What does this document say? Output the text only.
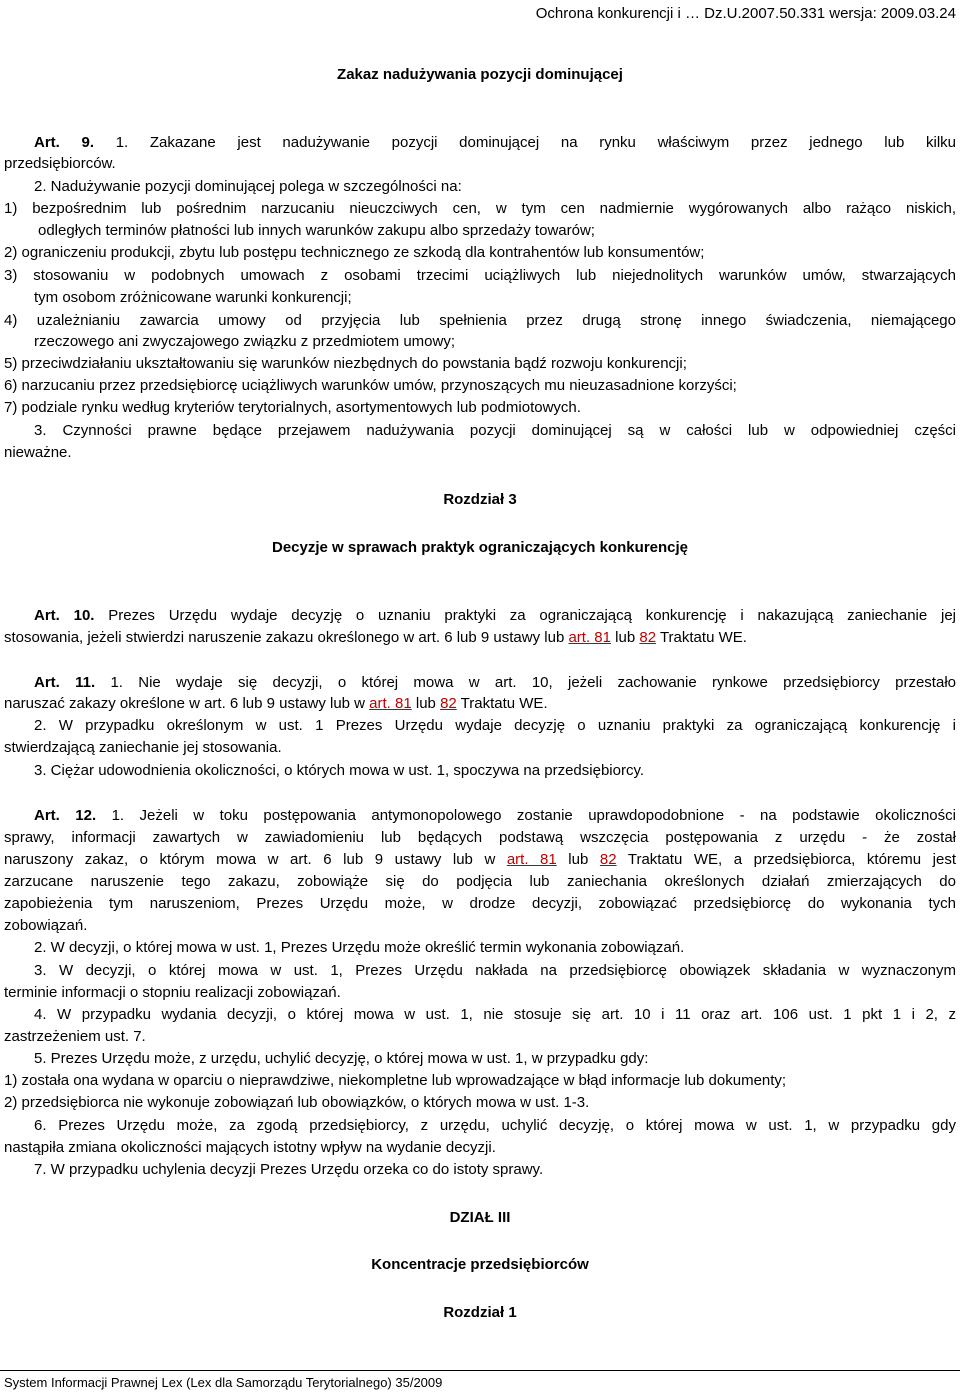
Ochrona konkurencji i … Dz.U.2007.50.331 wersja: 2009.03.24
Zakaz nadużywania pozycji dominującej
Art. 9. 1. Zakazane jest nadużywanie pozycji dominującej na rynku właściwym przez jednego lub kilku
przedsiębiorców.
2. Nadużywanie pozycji dominującej polega w szczególności na:
1) bezpośrednim lub pośrednim narzucaniu nieuczciwych cen, w tym cen nadmiernie wygórowanych albo rażąco niskich,
odległych terminów płatności lub innych warunków zakupu albo sprzedaży towarów;
2) ograniczeniu produkcji, zbytu lub postępu technicznego ze szkodą dla kontrahentów lub konsumentów;
3) stosowaniu w podobnych umowach z osobami trzecimi uciążliwych lub niejednolitych warunków umów, stwarzających
tym osobom zróżnicowane warunki konkurencji;
4) uzależnianiu zawarcia umowy od przyjęcia lub spełnienia przez drugą stronę innego świadczenia, niemającego
rzeczowego ani zwyczajowego związku z przedmiotem umowy;
5) przeciwdziałaniu ukształtowaniu się warunków niezbędnych do powstania bądź rozwoju konkurencji;
6) narzucaniu przez przedsiębiorcę uciążliwych warunków umów, przynoszących mu nieuzasadnione korzyści;
7) podziale rynku według kryteriów terytorialnych, asortymentowych lub podmiotowych.
3. Czynności prawne będące przejawem nadużywania pozycji dominującej są w całości lub w odpowiedniej części
nieważne.
Rozdział 3
Decyzje w sprawach praktyk ograniczających konkurencję
Art. 10. Prezes Urzędu wydaje decyzję o uznaniu praktyki za ograniczającą konkurencję i nakazującą zaniechanie jej
stosowania, jeżeli stwierdzi naruszenie zakazu określonego w art. 6 lub 9 ustawy lub art. 81 lub 82 Traktatu WE.
Art. 11. 1. Nie wydaje się decyzji, o której mowa w art. 10, jeżeli zachowanie rynkowe przedsiębiorcy przestało
naruszać zakazy określone w art. 6 lub 9 ustawy lub w art. 81 lub 82 Traktatu WE.
2. W przypadku określonym w ust. 1 Prezes Urzędu wydaje decyzję o uznaniu praktyki za ograniczającą konkurencję i
stwierdzającą zaniechanie jej stosowania.
3. Ciężar udowodnienia okoliczności, o których mowa w ust. 1, spoczywa na przedsiębiorcy.
Art. 12. 1. Jeżeli w toku postępowania antymonopolowego zostanie uprawdopodobnione - na podstawie okoliczności
sprawy, informacji zawartych w zawiadomieniu lub będących podstawą wszczęcia postępowania z urzędu - że został
naruszony zakaz, o którym mowa w art. 6 lub 9 ustawy lub w art. 81 lub 82 Traktatu WE, a przedsiębiorca, któremu jest
zarzucane naruszenie tego zakazu, zobowiąże się do podjęcia lub zaniechania określonych działań zmierzających do
zapobieżenia tym naruszeniom, Prezes Urzędu może, w drodze decyzji, zobowiązać przedsiębiorcę do wykonania tych
zobowiązań.
2. W decyzji, o której mowa w ust. 1, Prezes Urzędu może określić termin wykonania zobowiązań.
3. W decyzji, o której mowa w ust. 1, Prezes Urzędu nakłada na przedsiębiorcę obowiązek składania w wyznaczonym
terminie informacji o stopniu realizacji zobowiązań.
4. W przypadku wydania decyzji, o której mowa w ust. 1, nie stosuje się art. 10 i 11 oraz art. 106 ust. 1 pkt 1 i 2, z
zastrzeżeniem ust. 7.
5. Prezes Urzędu może, z urzędu, uchylić decyzję, o której mowa w ust. 1, w przypadku gdy:
1) została ona wydana w oparciu o nieprawdziwe, niekompletne lub wprowadzające w błąd informacje lub dokumenty;
2) przedsiębiorca nie wykonuje zobowiązań lub obowiązków, o których mowa w ust. 1-3.
6. Prezes Urzędu może, za zgodą przedsiębiorcy, z urzędu, uchylić decyzję, o której mowa w ust. 1, w przypadku gdy
nastąpiła zmiana okoliczności mających istotny wpływ na wydanie decyzji.
7. W przypadku uchylenia decyzji Prezes Urzędu orzeka co do istoty sprawy.
DZIAŁ III
Koncentracje przedsiębiorców
Rozdział 1
System Informacji Prawnej Lex (Lex dla Samorządu Terytorialnego) 35/2009
